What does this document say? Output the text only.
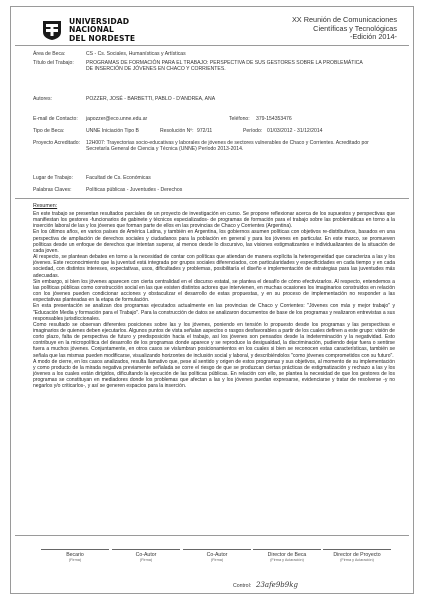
UNIVERSIDAD
NACIONAL
DEL NORDESTE
XX Reunión de Comunicaciones
Científicas y Tecnológicas
-Edición 2014-
Área de Beca:	CS - Cs. Sociales, Humanísticas y Artísticas
Título del Trabajo: PROGRAMAS DE FORMACIÓN PARA EL TRABAJO: PERSPECTIVA DE SUS GESTORES SOBRE LA PROBLEMÁTICA DE INSERCIÓN DE JÓVENES EN CHACO Y CORRIENTES.
Autores:	POZZER, JOSÉ - BARBETTI, PABLO - D'ANDREA, ANA
E-mail de Contacto: japozzer@eco.unne.edu.ar	Teléfono: 379-154353476
Tipo de Beca:	UNNE Iniciación Tipo B	Resolución Nº: 972/11	Período: 01/03/2012 - 31/12/2014
Proyecto Acreditado: 12H007: Trayectorias socio-educativas y laborales de jóvenes de sectores vulnerables de Chaco y Corrientes. Acreditado por Secretaría General de Ciencia y Técnica (UNNE) Período 2013-2014.
Lugar de Trabajo:	Facultad de Cs. Económicas
Palabras Claves:	Políticas públicas - Juventudes - Derechos
Resumen:

En este trabajo se presentan resultados parciales de un proyecto de investigación en curso. Se propone reflexionar acerca de los supuestos y perspectivas que manifiestan los gestores -funcionarios de gabinete y técnicos especializados- de programas de formación para el trabajo sobre las problemáticas en torno a la inserción laboral de las y los jóvenes que forman parte de ellos en las provincias de Chaco y Corrientes (Argentina).

En los últimos años, en varios países de América Latina, y también en Argentina, los gobiernos asumen políticas con objetivos re-distributivos, basados en una perspectiva de ampliación de derechos sociales y ciudadanos para la población en general y para los jóvenes en particular. En este marco, se promueven políticas desde un enfoque de derechos que intentan superar, al menos desde lo discursivo, las visiones estigmatizantes e individualizantes de la situación de cada joven.

Al respecto, se plantean debates en torno a la necesidad de contar con políticas que atiendan de manera explícita la heterogeneidad que caracteriza a las y los jóvenes. Este reconocimiento que la juventud está integrada por grupos sociales diferenciados, con particularidades y especificidades en cada tiempo y en cada sociedad, con distintos intereses, expectativas, usos, dificultades y problemas, posibilitaría el diseño e implementación de estrategias para las juventudes más adecuadas.

Sin embargo, si bien los jóvenes aparecen con cierta centralidad en el discurso estatal, se plantea el desafío de cómo efectivizarlos. Al respecto, entendemos a las políticas públicas como construcción social en las que existen distintos actores que intervienen, en muchas ocasiones los imaginarios construidos en relación con los jóvenes pueden condicionar acciones y obstaculizar el desarrollo de estas propuestas, y en su proceso de implementación no responder a las expectativas planteadas en la etapa de formulación.

En esta presentación se analizan dos programas ejecutados actualmente en las provincias de Chaco y Corrientes: "Jóvenes con más y mejor trabajo" y "Educación Media y formación para el Trabajo". Para la construcción de datos se analizaron documentos de base de los programas y realizaron entrevistas a sus responsables jurisdiccionales.

Como resultado se observan diferentes posiciones sobre las y los jóvenes, poniendo en tensión lo propuesto desde los programas y las perspectivas e imaginarios de quienes deben ejecutarlos. Algunos puntos de vista señalan aspectos o rasgos desfavorables a partir de los cuales definen a este grupo: visión de corto plazo, falta de perspectiva de futuro y predisposición hacia el trabajo, así los jóvenes son pensados desde la indeterminación y la negatividad. Esto contribuye en la micropolítica del desarrollo de los programas donde aparece y se reproduce la desigualdad, la discriminación, pudiendo dejar fuera o sentirse fuera a muchos jóvenes. Conjuntamente, en otros casos se vislumbran posicionamientos en los cuales si bien se reconocen estas características, también se señala que las mismas pueden modificarse, visualizando horizontes de inclusión social y laboral, y describiéndolos "como jóvenes comprometidos con su futuro".

A modo de cierre, en los casos analizados, resulta llamativo que, pese al sentido y origen de estos programas y sus objetivos, al momento de su implementación y como producto de la mirada negativa previamente señalada se corre el riesgo de que se produzcan ciertas prácticas de estigmatización y rechazo a las y los jóvenes a los cuales están dirigidos, dificultando la ejecución de las políticas públicas. En relación con ello, se plantea la necesidad de que los gestores de los programas se constituyan en mediadores donde los problemas que afectan a las y los jóvenes puedan expresarse, evidenciarse y tratar de resolverse -y no negarlos y/o criticarlos-, y así se generen espacios para la inserción.

Becario
(Firma)
Co-Autor
(Firma)
Co-Autor
(Firma)
Director de Beca
(Firma y Aclaración)
Director de Proyecto
(Firma y Aclaración)
Control: 23afe9b9kg
